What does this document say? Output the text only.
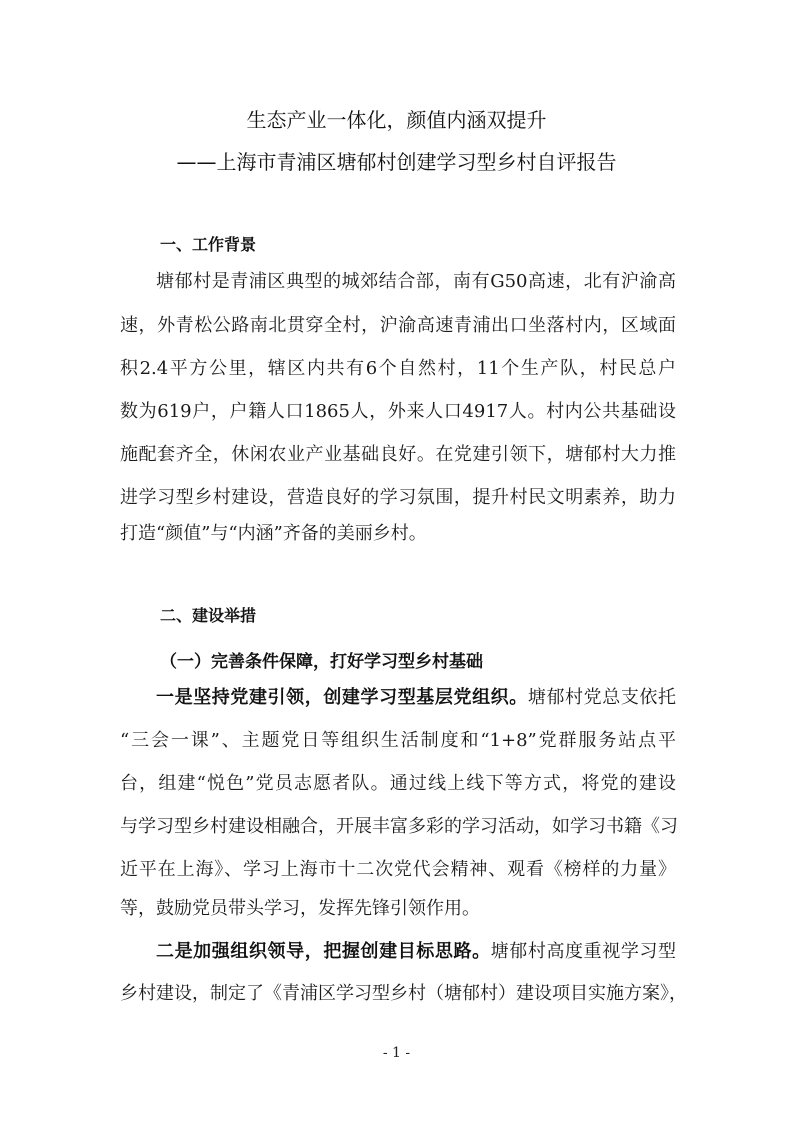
生态产业一体化，颜值内涵双提升
——上海市青浦区塘郁村创建学习型乡村自评报告
一、工作背景
塘郁村是青浦区典型的城郊结合部，南有G50高速，北有沪渝高
速，外青松公路南北贯穿全村，沪渝高速青浦出口坐落村内，区域面
积2.4平方公里，辖区内共有6个自然村，11个生产队，村民总户
数为619户，户籍人口1865人，外来人口4917人。村内公共基础设
施配套齐全，休闲农业产业基础良好。在党建引领下，塘郁村大力推
进学习型乡村建设，营造良好的学习氛围，提升村民文明素养，助力
打造“颜值”与“内涵”齐备的美丽乡村。
二、建设举措
（一）完善条件保障，打好学习型乡村基础
一是坚持党建引领，创建学习型基层党组织。塘郁村党总支依托
“三会一课”、主题党日等组织生活制度和“1+8”党群服务站点平
台，组建“悦色”党员志愿者队。通过线上线下等方式，将党的建设
与学习型乡村建设相融合，开展丰富多彩的学习活动，如学习书籍《习
近平在上海》、学习上海市十二次党代会精神、观看《榜样的力量》
等，鼓励党员带头学习，发挥先锋引领作用。
二是加强组织领导，把握创建目标思路。塘郁村高度重视学习型
乡村建设，制定了《青浦区学习型乡村（塘郁村）建设项目实施方案》，
- 1 -
